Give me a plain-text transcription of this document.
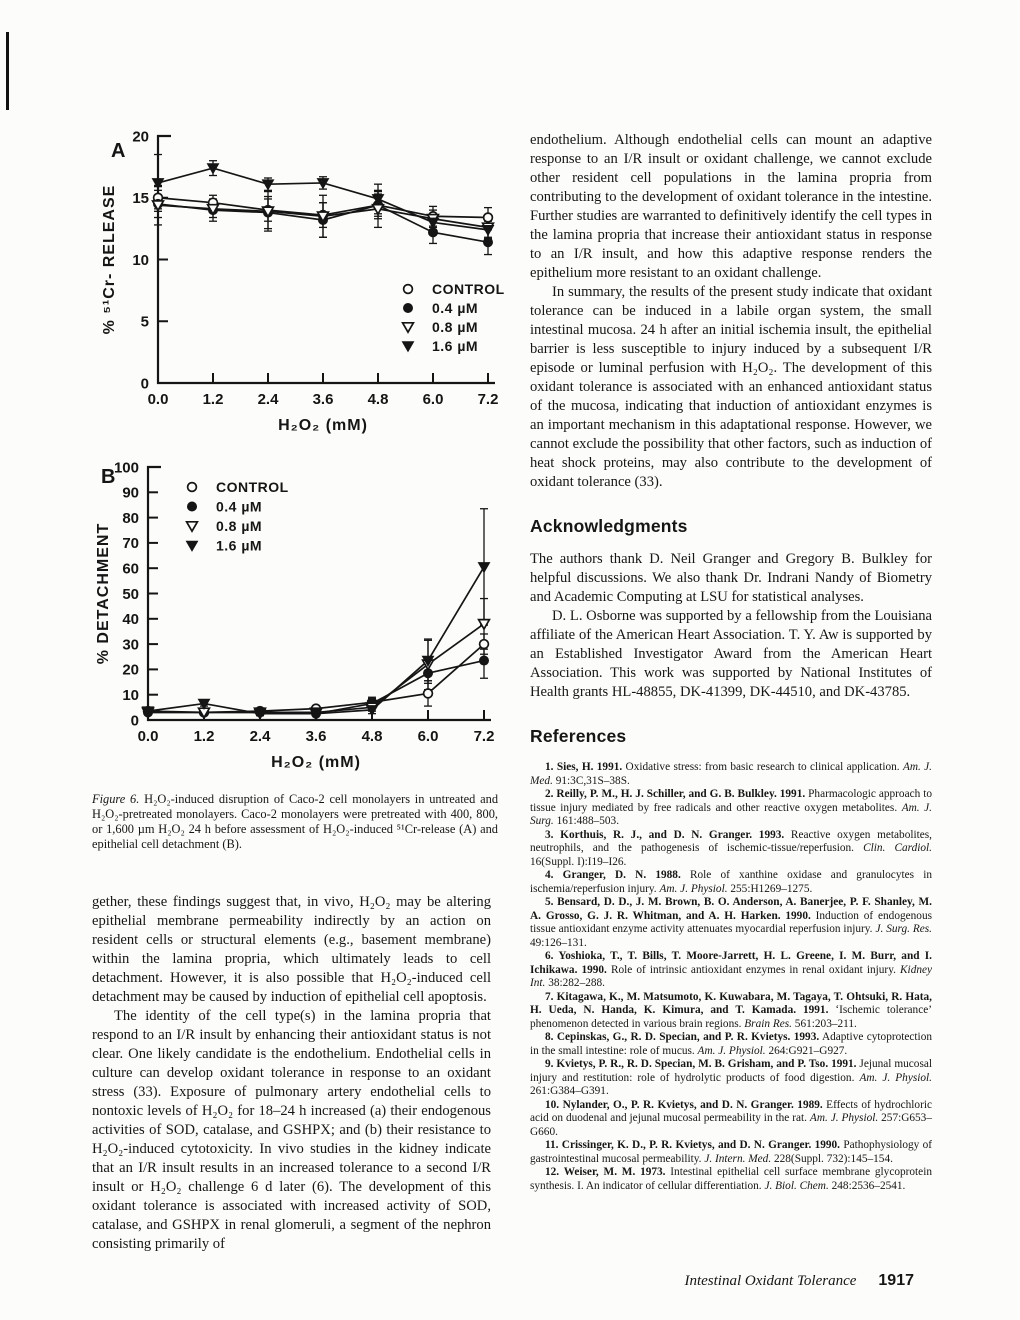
0
5
10
15
20
0.0 1.2 2.4 3.6 4.8 6.0 7.2
H₂O₂ (mM)
% ⁵¹Cr- RELEASE
A
CONTROL
0.4 µM
0.8 µM
1.6 µM
0
10
20
30
40
50
60
70
80
90
100
0.0 1.2 2.4 3.6 4.8 6.0 7.2
H₂O₂ (mM)
% DETACHMENT
B	CONTROL
0.4 µM
0.8 µM
1.6 µM

Figure 6. H₂O₂-induced disruption of Caco-2 cell monolayers in untreated and H₂O₂-pretreated monolayers. Caco-2 monolayers were pretreated with 400, 800, or 1,600 µm H₂O₂ 24 h before assessment of H₂O₂-induced ⁵¹Cr-release (A) and epithelial cell detachment (B).

gether, these findings suggest that, in vivo, H₂O₂ may be altering epithelial membrane permeability indirectly by an action on resident cells or structural elements (e.g., basement membrane) within the lamina propria, which ultimately leads to cell detachment. However, it is also possible that H₂O₂-induced cell detachment may be caused by induction of epithelial cell apoptosis.

The identity of the cell type(s) in the lamina propria that respond to an I/R insult by enhancing their antioxidant status is not clear. One likely candidate is the endothelium. Endothelial cells in culture can develop oxidant tolerance in response to an oxidant stress (33). Exposure of pulmonary artery endothelial cells to nontoxic levels of H₂O₂ for 18–24 h increased (a) their endogenous activities of SOD, catalase, and GSHPX; and (b) their resistance to H₂O₂-induced cytotoxicity. In vivo studies in the kidney indicate that an I/R insult results in an increased tolerance to a second I/R insult or H₂O₂ challenge 6 d later (6). The development of this oxidant tolerance is associated with increased activity of SOD, catalase, and GSHPX in renal glomeruli, a segment of the nephron consisting primarily of

endothelium. Although endothelial cells can mount an adaptive response to an I/R insult or oxidant challenge, we cannot exclude other resident cell populations in the lamina propria from contributing to the development of oxidant tolerance in the intestine. Further studies are warranted to definitively identify the cell types in the lamina propria that increase their antioxidant status in response to an I/R insult, and how this adaptive response renders the epithelium more resistant to an oxidant challenge.

In summary, the results of the present study indicate that oxidant tolerance can be induced in a labile organ system, the small intestinal mucosa. 24 h after an initial ischemia insult, the epithelial barrier is less susceptible to injury induced by a subsequent I/R episode or luminal perfusion with H₂O₂. The development of this oxidant tolerance is associated with an enhanced antioxidant status of the mucosa, indicating that induction of antioxidant enzymes is an important mechanism in this adaptational response. However, we cannot exclude the possibility that other factors, such as induction of heat shock proteins, may also contribute to the development of oxidant tolerance (33).

Acknowledgments

The authors thank D. Neil Granger and Gregory B. Bulkley for helpful discussions. We also thank Dr. Indrani Nandy of Biometry and Academic Computing at LSU for statistical analyses.

D. L. Osborne was supported by a fellowship from the Louisiana affiliate of the American Heart Association. T. Y. Aw is supported by an Established Investigator Award from the American Heart Association. This work was supported by National Institutes of Health grants HL-48855, DK-41399, DK-44510, and DK-43785.

References
1. Sies, H. 1991. Oxidative stress: from basic research to clinical application. Am. J. Med. 91:3C,31S–38S.
2. Reilly, P. M., H. J. Schiller, and G. B. Bulkley. 1991. Pharmacologic approach to tissue injury mediated by free radicals and other reactive oxygen metabolites. Am. J. Surg. 161:488–503.
3. Korthuis, R. J., and D. N. Granger. 1993. Reactive oxygen metabolites, neutrophils, and the pathogenesis of ischemic-tissue/reperfusion. Clin. Cardiol. 16(Suppl. I):I19–I26.
4. Granger, D. N. 1988. Role of xanthine oxidase and granulocytes in ischemia/reperfusion injury. Am. J. Physiol. 255:H1269–1275.
5. Bensard, D. D., J. M. Brown, B. O. Anderson, A. Banerjee, P. F. Shanley, M. A. Grosso, G. J. R. Whitman, and A. H. Harken. 1990. Induction of endogenous tissue antioxidant enzyme activity attenuates myocardial reperfusion injury. J. Surg. Res. 49:126–131.
6. Yoshioka, T., T. Bills, T. Moore-Jarrett, H. L. Greene, I. M. Burr, and I. Ichikawa. 1990. Role of intrinsic antioxidant enzymes in renal oxidant injury. Kidney Int. 38:282–288.
7. Kitagawa, K., M. Matsumoto, K. Kuwabara, M. Tagaya, T. Ohtsuki, R. Hata, H. Ueda, N. Handa, K. Kimura, and T. Kamada. 1991. ‘Ischemic tolerance’ phenomenon detected in various brain regions. Brain Res. 561:203–211.
8. Cepinskas, G., R. D. Specian, and P. R. Kvietys. 1993. Adaptive cytoprotection in the small intestine: role of mucus. Am. J. Physiol. 264:G921–G927.
9. Kvietys, P. R., R. D. Specian, M. B. Grisham, and P. Tso. 1991. Jejunal mucosal injury and restitution: role of hydrolytic products of food digestion. Am. J. Physiol. 261:G384–G391.
10. Nylander, O., P. R. Kvietys, and D. N. Granger. 1989. Effects of hydrochloric acid on duodenal and jejunal mucosal permeability in the rat. Am. J. Physiol. 257:G653–G660.
11. Crissinger, K. D., P. R. Kvietys, and D. N. Granger. 1990. Pathophysiology of gastrointestinal mucosal permeability. J. Intern. Med. 228(Suppl. 732):145–154.
12. Weiser, M. M. 1973. Intestinal epithelial cell surface membrane glycoprotein synthesis. I. An indicator of cellular differentiation. J. Biol. Chem. 248:2536–2541.
Intestinal Oxidant Tolerance 1917
